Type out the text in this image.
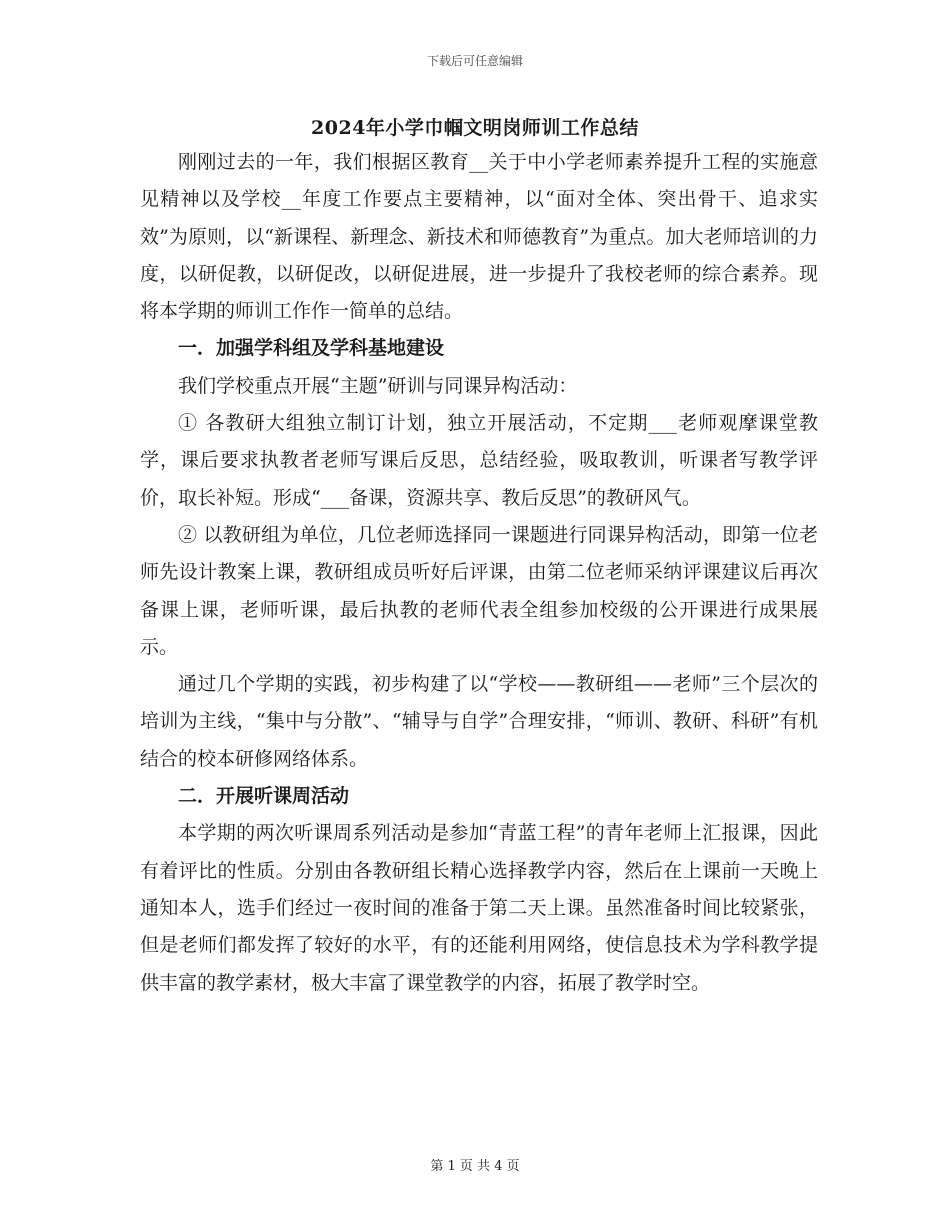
下载后可任意编辑
2024年小学巾帼文明岗师训工作总结

刚刚过去的一年，我们根据区教育__关于中小学老师素养提升工程的实施意见精神以及学校__年度工作要点主要精神，以“面对全体、突出骨干、追求实效”为原则，以“新课程、新理念、新技术和师德教育”为重点。加大老师培训的力度，以研促教，以研促改，以研促进展，进一步提升了我校老师的综合素养。现将本学期的师训工作作一简单的总结。

一．加强学科组及学科基地建设

我们学校重点开展“主题”研训与同课异构活动：

① 各教研大组独立制订计划，独立开展活动，不定期___老师观摩课堂教学，课后要求执教者老师写课后反思，总结经验，吸取教训，听课者写教学评价，取长补短。形成“___备课，资源共享、教后反思”的教研风气。

② 以教研组为单位，几位老师选择同一课题进行同课异构活动，即第一位老师先设计教案上课，教研组成员听好后评课，由第二位老师采纳评课建议后再次备课上课，老师听课，最后执教的老师代表全组参加校级的公开课进行成果展示。

通过几个学期的实践，初步构建了以“学校——教研组——老师”三个层次的培训为主线，“集中与分散”、“辅导与自学”合理安排，“师训、教研、科研”有机结合的校本研修网络体系。

二．开展听课周活动

本学期的两次听课周系列活动是参加“青蓝工程”的青年老师上汇报课，因此有着评比的性质。分别由各教研组长精心选择教学内容，然后在上课前一天晚上通知本人，选手们经过一夜时间的准备于第二天上课。虽然准备时间比较紧张，但是老师们都发挥了较好的水平，有的还能利用网络，使信息技术为学科教学提供丰富的教学素材，极大丰富了课堂教学的内容，拓展了教学时空。

第 1 页 共 4 页
